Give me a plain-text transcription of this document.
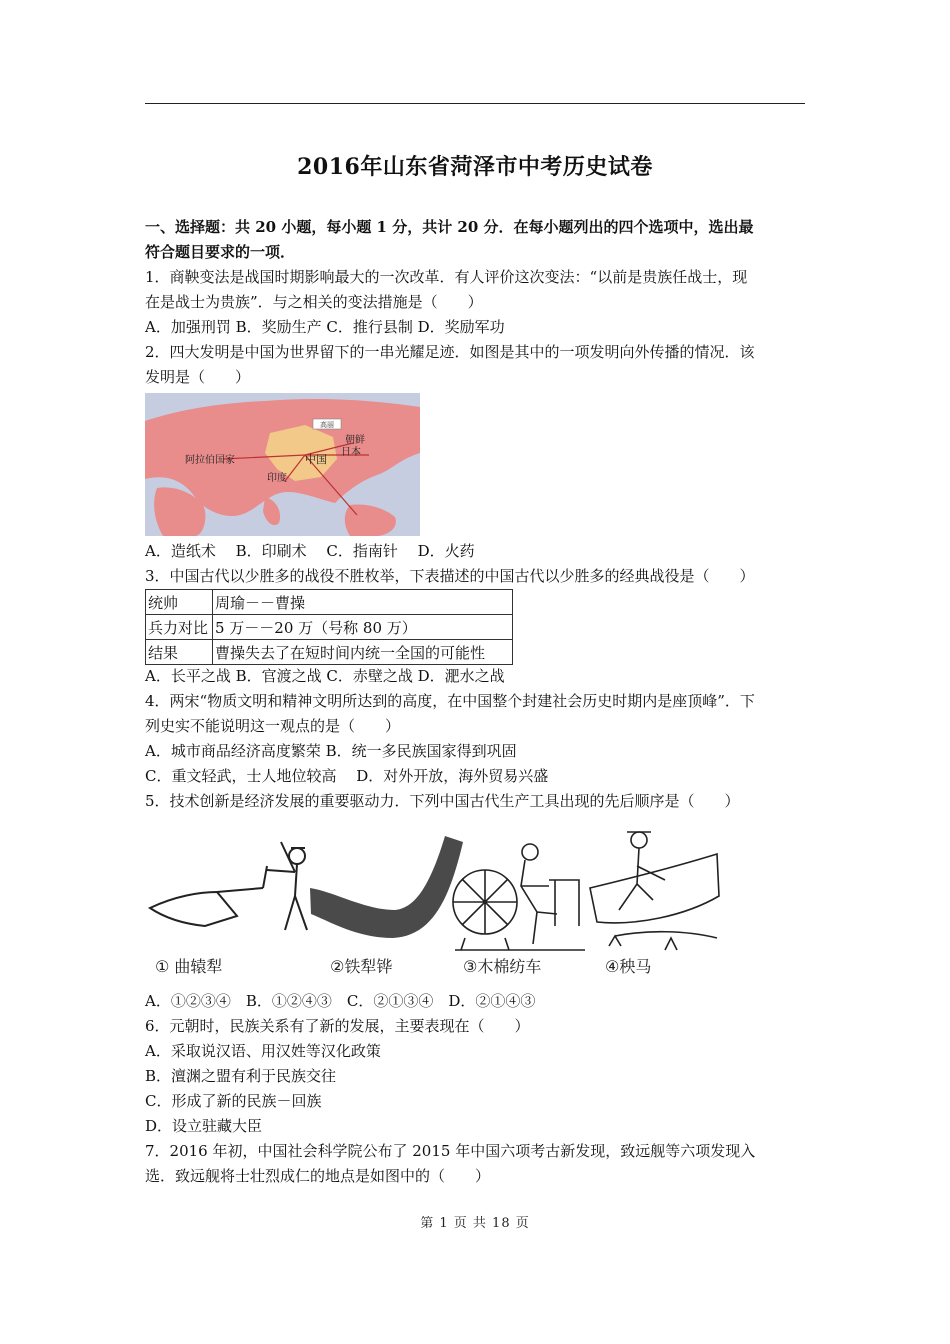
2016年山东省菏泽市中考历史试卷
一、选择题：共 20 小题，每小题 1 分，共计 20 分．在每小题列出的四个选项中，选出最
符合题目要求的一项．
1．商鞅变法是战国时期影响最大的一次改革．有人评价这次变法：“以前是贵族任战士，现
在是战士为贵族”．与之相关的变法措施是（　　）
A．加强刑罚 B．奖励生产 C．推行县制 D．奖励军功
2．四大发明是中国为世界留下的一串光耀足迹．如图是其中的一项发明向外传播的情况．该
发明是（　　）
高丽
阿拉伯国家	中国
印度
朝鲜
日本
A．造纸术　 B．印刷术　 C．指南针　 D．火药
3．中国古代以少胜多的战役不胜枚举，下表描述的中国古代以少胜多的经典战役是（　　）
统帅	周瑜－－曹操
兵力对比	5 万－－20 万（号称 80 万）
结果	曹操失去了在短时间内统一全国的可能性
A．长平之战 B．官渡之战 C．赤壁之战 D．淝水之战
4．两宋“物质文明和精神文明所达到的高度，在中国整个封建社会历史时期内是座顶峰”．下
列史实不能说明这一观点的是（　　）
A．城市商品经济高度繁荣 B．统一多民族国家得到巩固
C．重文轻武，士人地位较高　 D．对外开放，海外贸易兴盛
5．技术创新是经济发展的重要驱动力．下列中国古代生产工具出现的先后顺序是（　　）
① 曲辕犁	②铁犁铧	③木棉纺车	④秧马
A．①②③④　B．①②④③　C．②①③④　D．②①④③
6．元朝时，民族关系有了新的发展，主要表现在（　　）
A．采取说汉语、用汉姓等汉化政策
B．澶渊之盟有利于民族交往
C．形成了新的民族－回族
D．设立驻藏大臣
7．2016 年初，中国社会科学院公布了 2015 年中国六项考古新发现，致远舰等六项发现入
选．致远舰将士壮烈成仁的地点是如图中的（　　）
第 1 页 共 18 页
